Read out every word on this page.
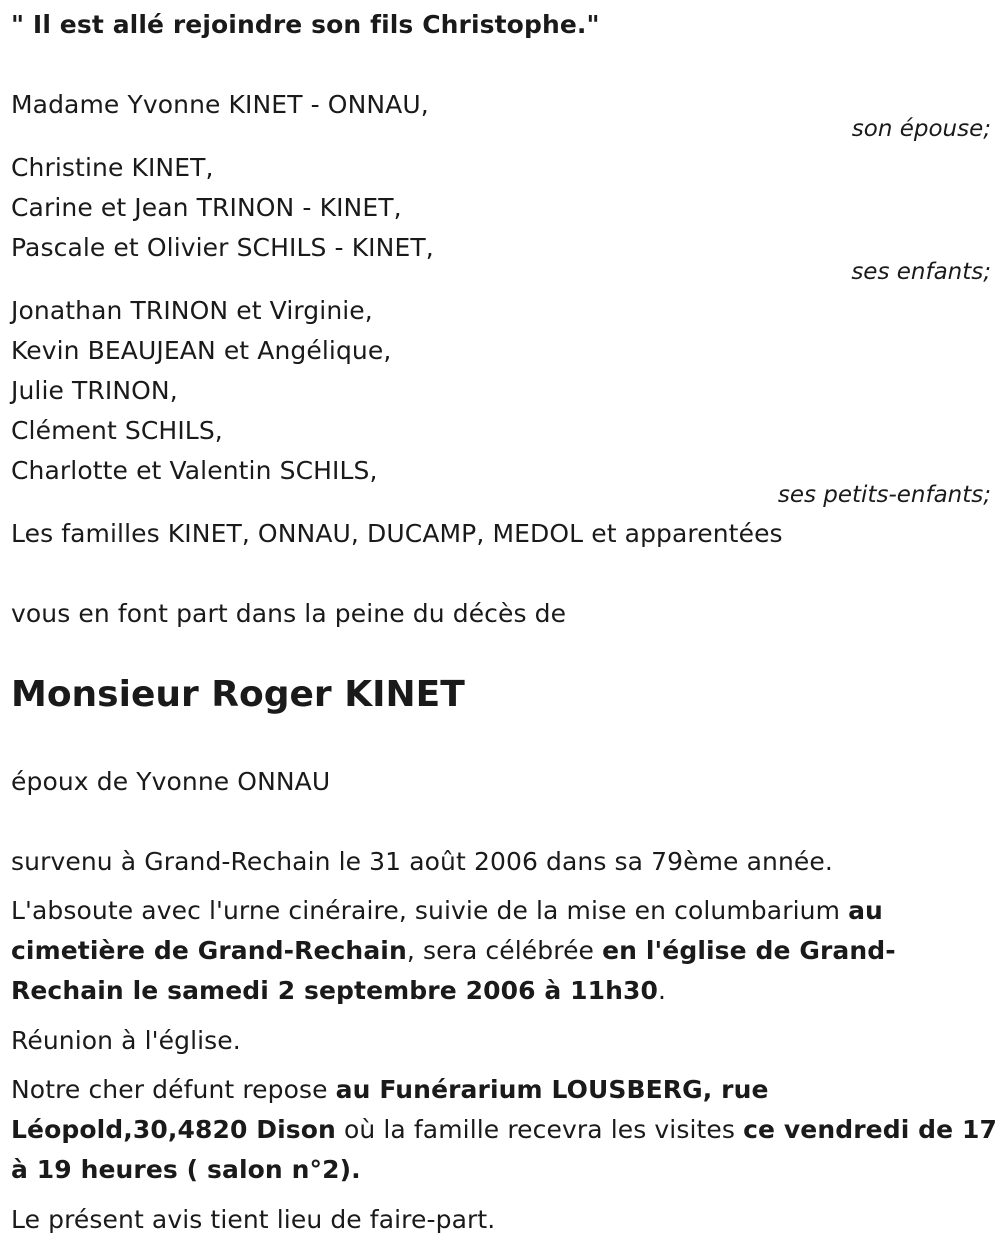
" Il est allé rejoindre son fils Christophe."
Madame Yvonne KINET - ONNAU,
son épouse;
Christine KINET,
Carine et Jean TRINON - KINET,
Pascale et Olivier SCHILS - KINET,
ses enfants;
Jonathan TRINON et Virginie,
Kevin BEAUJEAN et Angélique,
Julie TRINON,
Clément SCHILS,
Charlotte et Valentin SCHILS,
ses petits-enfants;
Les familles KINET, ONNAU, DUCAMP, MEDOL et apparentées
vous en font part dans la peine du décès de
Monsieur Roger KINET
époux de Yvonne ONNAU
survenu à Grand-Rechain le 31 août 2006 dans sa 79ème année.
L'absoute avec l'urne cinéraire, suivie de la mise en columbarium au
cimetière de Grand-Rechain, sera célébrée en l'église de Grand-
Rechain le samedi 2 septembre 2006 à 11h30.
Réunion à l'église.
Notre cher défunt repose au Funérarium LOUSBERG, rue
Léopold,30,4820 Dison où la famille recevra les visites ce vendredi de 17
à 19 heures ( salon n°2).
Le présent avis tient lieu de faire-part.
